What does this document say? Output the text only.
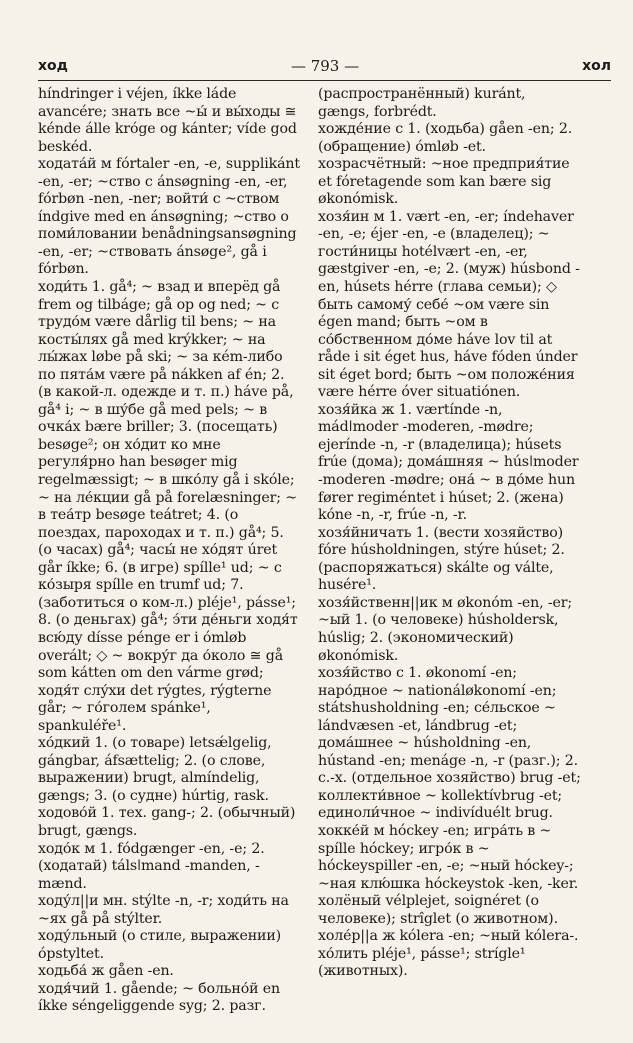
ход	— 793 —	хол

híndringer i véjen, íkke láde avancére; знать все ~ы́ и вы́ходы ≅ kénde álle króge og kánter; víde god beskéd.

ходата́й м fórtaler -en, -e, supplikánt -en, -er; ~ство с ánsøgning -en, -er, fórbøn -nen, -ner; войти́ с ~ством índgive med en ánsøgning; ~ство о поми́ловании benådningsansøgning -en, -er; ~ствовать ánsøge², gå i fórbøn.

ходи́ть 1. gå⁴; ~ взад и вперёд gå frem og tilbáge; gå op og ned; ~ с трудо́м være dårlig til bens; ~ на косты́лях gå med krýkker; ~ на лы́жах løbe på ski; ~ за кém-либо по пята́м være på nákken af én; 2. (в какой-л. одежде и т. п.) háve på, gå⁴ i; ~ в шу́бе gå med pels; ~ в очка́х bære briller; 3. (посещать) besøge²; он хо́дит ко мне регуля́рно han besøger mig regelmæssigt; ~ в шко́лу gå i skóle; ~ на ле́кции gå på forelæsninger; ~ в теа́тр besøge teátret; 4. (о поездах, пароходах и т. п.) gå⁴; 5. (о часах) gå⁴; часы́ не хо́дят úret går íkke; 6. (в игре) spílle¹ ud; ~ с ко́зыря spílle en trumf ud; 7. (заботиться о ком-л.) pléje¹, pásse¹; 8. (о деньгах) gå⁴; э́ти де́ньги ходя́т всю́ду dísse pénge er i ómløb overált; ◇ ~ вокру́г да о́коло ≅ gå som kátten om den várme grød; ходя́т слу́хи det rýgtes, rýgterne går; ~ го́голем spánke¹, spankuléře¹.

хо́дкий 1. (о товаре) letsǽlgelig, gángbar, áfsættelig; 2. (о слове, выражении) brugt, almíndelig, gængs; 3. (о судне) húrtig, rask.

ходово́й 1. тех. gang-; 2. (обычный) brugt, gængs.

ходо́к м 1. fódgænger -en, -e; 2. (ходатай) tálsǀmand -manden, -mænd.

ходу́л||и мн. stýlte -n, -r; ходи́ть на ~ях gå på stýlter.

ходу́льный (о стиле, выражении) ópstyltet.

ходьба́ ж gåen -en.

ходя́чий 1. gående; ~ больно́й en íkke séngeliggende syg; 2. разг.

(распространённый) kuránt, gængs, forbrédt.

хожде́ние с 1. (ходьба) gåen -en; 2. (обращение) ómløb -et.

хозрасчётный: ~ное предприя́тие et fóretagende som kan bære sig økonómisk.

хозя́ин м 1. vært -en, -er; índehaver -en, -e; éjer -en, -e (владелец); ~ гости́ницы hotélvært -en, -er, gæstgiver -en, -e; 2. (муж) húsbond -en, húsets hérre (глава семьи); ◇ быть самому́ себе́ ~ом være sin égen mand; быть ~ом в со́бственном до́ме háve lov til at råde i sit éget hus, háve fóden únder sit éget bord; быть ~ом положе́ния være hérre óver situatiónen.

хозя́йка ж 1. værtínde -n, mádǀmoder -moderen, -mødre; ejerínde -n, -r (владелица); húsets frúe (дома); дома́шняя ~ húsǀmoder -moderen -mødre; она́ ~ в до́ме hun fører regiméntet i húset; 2. (жена) kóne -n, -r, frúe -n, -r.

хозя́йничать 1. (вести хозяйство) fóre húsholdningen, stýre húset; 2. (распоряжаться) skálte og válte, husére¹.

хозя́йственн||ик м økonóm -en, -er; ~ый 1. (о человеке) húsholdersk, húslig; 2. (экономический) økonómisk.

хозя́йство с 1. økonomí -en; наро́дное ~ nationáløkonomí -en; státshusholdning -en; се́льское ~ lándvæsen -et, lándbrug -et; дома́шнее ~ húsholdning -en, hústand -en; menáge -n, -r (разг.); 2. с.-х. (отдельное хозяйство) brug -et; коллекти́вное ~ kollektívbrug -et; единоли́чное ~ indivíduélt brug.

хокке́й м hóckey -en; игра́ть в ~ spílle hóckey; игро́к в ~ hóckeyspiller -en, -e; ~ный hóckey-; ~ная клю́шка hóckeystok -ken, -ker.

холёный vélplejet, soignéret (о человеке); strîglet (о животном).

холе́р||а ж kólera -en; ~ный kólera-.

хо́лить pléje¹, pásse¹; strígle¹ (животных).
